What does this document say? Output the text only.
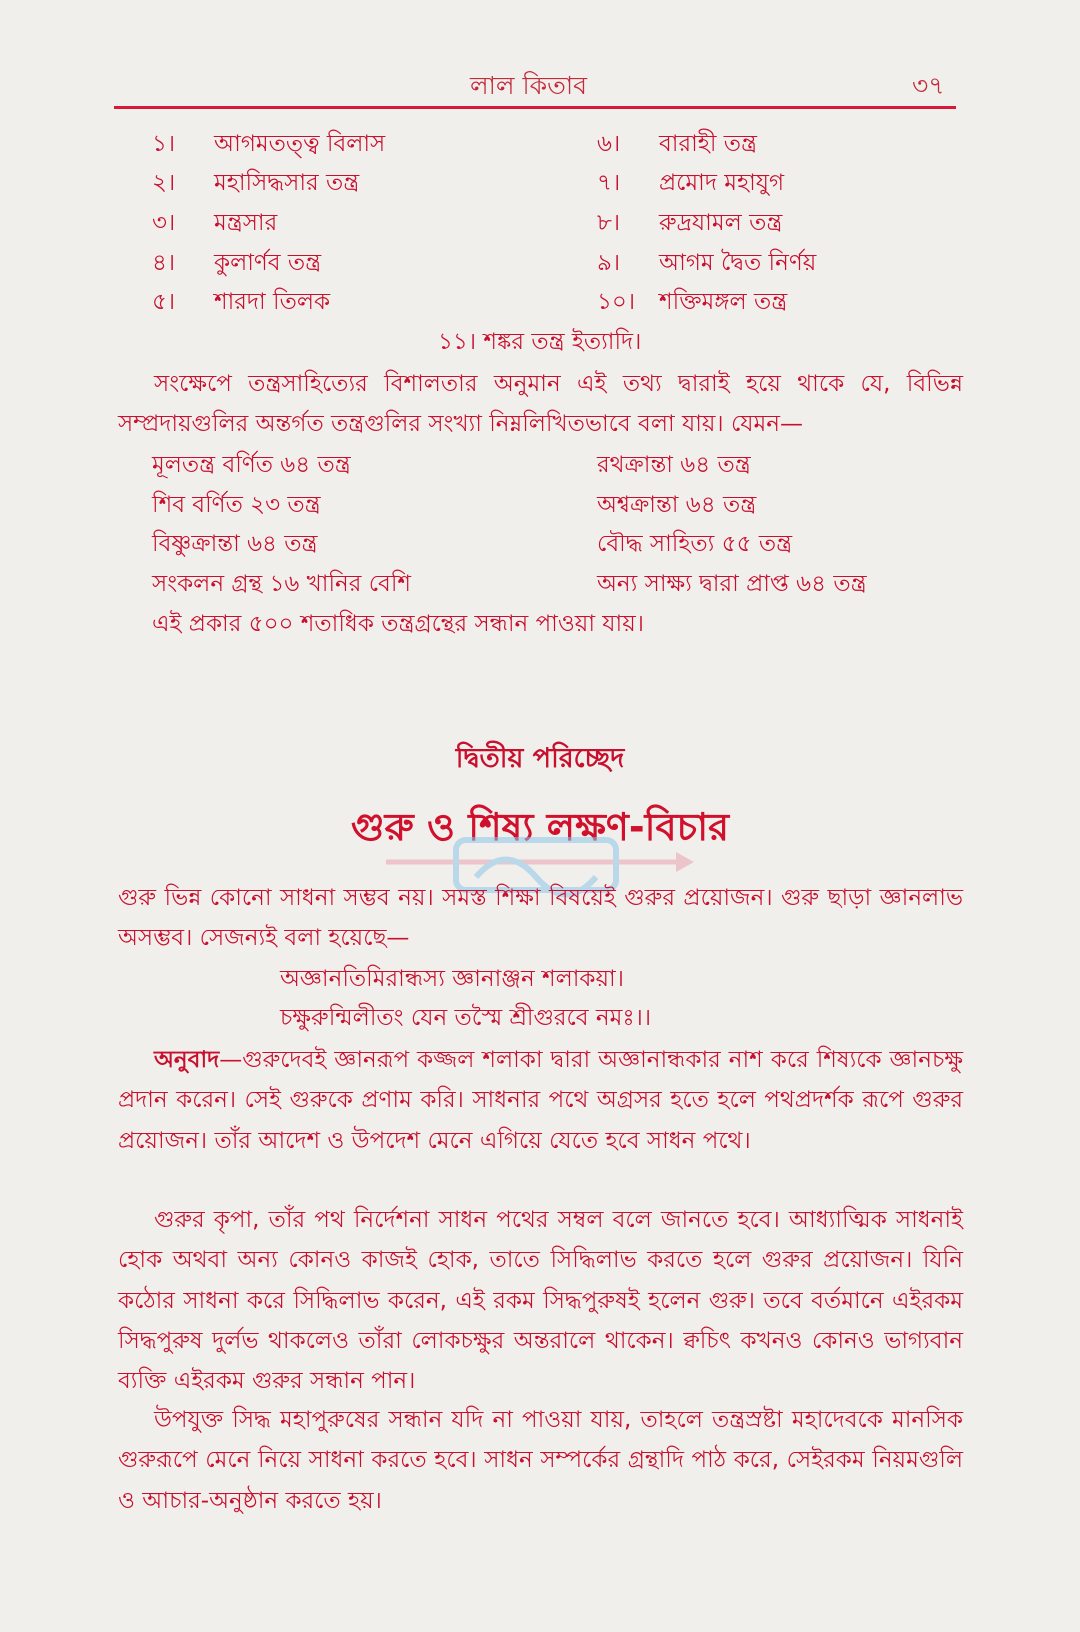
লাল কিতাব	৩৭
১। আগমতত্ত্ব বিলাস
২। মহাসিদ্ধসার তন্ত্র
৩। মন্ত্রসার
৪। কুলার্ণব তন্ত্র
৫। শারদা তিলক
৬। বারাহী তন্ত্র
৭। প্রমোদ মহাযুগ
৮। রুদ্রযামল তন্ত্র
৯। আগম দ্বৈত নির্ণয়
১০। শক্তিমঙ্গল তন্ত্র
১১। শঙ্কর তন্ত্র ইত্যাদি।

সংক্ষেপে তন্ত্রসাহিত্যের বিশালতার অনুমান এই তথ্য দ্বারাই হয়ে থাকে যে, বিভিন্ন সম্প্রদায়গুলির অন্তর্গত তন্ত্রগুলির সংখ্যা নিম্নলিখিতভাবে বলা যায়। যেমন—

মূলতন্ত্র বর্ণিত ৬৪ তন্ত্র
শিব বর্ণিত ২৩ তন্ত্র
বিষ্ণুক্রান্তা ৬৪ তন্ত্র
সংকলন গ্রন্থ ১৬ খানির বেশি
রথক্রান্তা ৬৪ তন্ত্র
অশ্বক্রান্তা ৬৪ তন্ত্র
বৌদ্ধ সাহিত্য ৫৫ তন্ত্র
অন্য সাক্ষ্য দ্বারা প্রাপ্ত ৬৪ তন্ত্র
এই প্রকার ৫০০ শতাধিক তন্ত্রগ্রন্থের সন্ধান পাওয়া যায়।
দ্বিতীয় পরিচ্ছেদ
গুরু ও শিষ্য লক্ষণ-বিচার

গুরু ভিন্ন কোনো সাধনা সম্ভব নয়। সমস্ত শিক্ষা বিষয়েই গুরুর প্রয়োজন। গুরু ছাড়া জ্ঞানলাভ অসম্ভব। সেজন্যই বলা হয়েছে—

অজ্ঞানতিমিরান্ধস্য জ্ঞানাঞ্জন শলাকয়া।
চক্ষুরুন্মিলীতং যেন তস্মৈ শ্রীগুরবে নমঃ।।

অনুবাদ—গুরুদেবই জ্ঞানরূপ কজ্জল শলাকা দ্বারা অজ্ঞানান্ধকার নাশ করে শিষ্যকে জ্ঞানচক্ষু প্রদান করেন। সেই গুরুকে প্রণাম করি। সাধনার পথে অগ্রসর হতে হলে পথপ্রদর্শক রূপে গুরুর প্রয়োজন। তাঁর আদেশ ও উপদেশ মেনে এগিয়ে যেতে হবে সাধন পথে।

গুরুর কৃপা, তাঁর পথ নির্দেশনা সাধন পথের সম্বল বলে জানতে হবে। আধ্যাত্মিক সাধনাই হোক অথবা অন্য কোনও কাজই হোক, তাতে সিদ্ধিলাভ করতে হলে গুরুর প্রয়োজন। যিনি কঠোর সাধনা করে সিদ্ধিলাভ করেন, এই রকম সিদ্ধপুরুষই হলেন গুরু। তবে বর্তমানে এইরকম সিদ্ধপুরুষ দুর্লভ থাকলেও তাঁরা লোকচক্ষুর অন্তরালে থাকেন। ক্বচিৎ কখনও কোনও ভাগ্যবান ব্যক্তি এইরকম গুরুর সন্ধান পান।

উপযুক্ত সিদ্ধ মহাপুরুষের সন্ধান যদি না পাওয়া যায়, তাহলে তন্ত্রস্রষ্টা মহাদেবকে মানসিক গুরুরূপে মেনে নিয়ে সাধনা করতে হবে। সাধন সম্পর্কের গ্রন্থাদি পাঠ করে, সেইরকম নিয়মগুলি ও আচার-অনুষ্ঠান করতে হয়।
